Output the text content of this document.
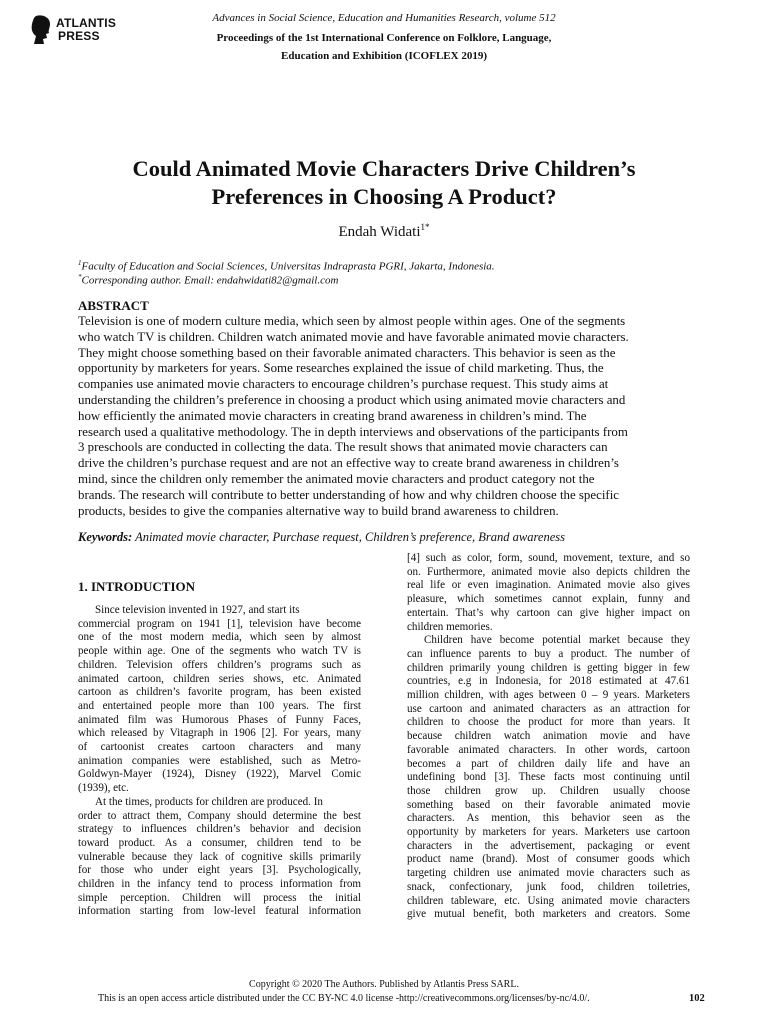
ATLANTIS
PRESS
Advances in Social Science, Education and Humanities Research, volume 512
Proceedings of the 1st International Conference on Folklore, Language,
Education and Exhibition (ICOFLEX 2019)
Could Animated Movie Characters Drive Children’s
Preferences in Choosing A Product?
Endah Widati$^{1*}$
$^1$Faculty of Education and Social Sciences, Universitas Indraprasta PGRI, Jakarta, Indonesia.
*Corresponding author. Email: endahwidati82@gmail.com
ABSTRACT
Television is one of modern culture media, which seen by almost people within ages. One of the segments
who watch TV is children. Children watch animated movie and have favorable animated movie characters.
They might choose something based on their favorable animated characters. This behavior is seen as the
opportunity by marketers for years. Some researches explained the issue of child marketing. Thus, the
companies use animated movie characters to encourage children’s purchase request. This study aims at
understanding the children’s preference in choosing a product which using animated movie characters and
how efficiently the animated movie characters in creating brand awareness in children’s mind. The
research used a qualitative methodology. The in depth interviews and observations of the participants from
3 preschools are conducted in collecting the data. The result shows that animated movie characters can
drive the children’s purchase request and are not an effective way to create brand awareness in children’s
mind, since the children only remember the animated movie characters and product category not the
brands. The research will contribute to better understanding of how and why children choose the specific
products, besides to give the companies alternative way to build brand awareness to children.
Keywords: Animated movie character, Purchase request, Children’s preference, Brand awareness
1. INTRODUCTION
Since television invented in 1927, and start its
commercial program on 1941 [1], television have become
one of the most modern media, which seen by almost
people within age. One of the segments who watch TV is
children. Television offers children’s programs such as
animated cartoon, children series shows, etc. Animated
cartoon as children’s favorite program, has been existed
and entertained people more than 100 years. The first
animated film was Humorous Phases of Funny Faces,
which released by Vitagraph in 1906 [2]. For years, many
of cartoonist creates cartoon characters and many
animation companies were established, such as Metro-
Goldwyn-Mayer (1924), Disney (1922), Marvel Comic
(1939), etc.
At the times, products for children are produced. In
order to attract them, Company should determine the best
strategy to influences children’s behavior and decision
toward product. As a consumer, children tend to be
vulnerable because they lack of cognitive skills primarily
for those who under eight years [3]. Psychologically,
children in the infancy tend to process information from
simple perception. Children will process the initial
information starting from low-level featural information
[4] such as color, form, sound, movement, texture, and so
on. Furthermore, animated movie also depicts children the
real life or even imagination. Animated movie also gives
pleasure, which sometimes cannot explain, funny and
entertain. That’s why cartoon can give higher impact on
children memories.
Children have become potential market because they
can influence parents to buy a product. The number of
children primarily young children is getting bigger in few
countries, e.g in Indonesia, for 2018 estimated at 47.61
million children, with ages between 0 – 9 years. Marketers
use cartoon and animated characters as an attraction for
children to choose the product for more than years. It
because children watch animation movie and have
favorable animated characters. In other words, cartoon
becomes a part of children daily life and have an
undefining bond [3]. These facts most continuing until
those children grow up. Children usually choose
something based on their favorable animated movie
characters. As mention, this behavior seen as the
opportunity by marketers for years. Marketers use cartoon
characters in the advertisement, packaging or event
product name (brand). Most of consumer goods which
targeting children use animated movie characters such as
snack, confectionary, junk food, children toiletries,
children tableware, etc. Using animated movie characters
give mutual benefit, both marketers and creators. Some
Copyright © 2020 The Authors. Published by Atlantis Press SARL.
This is an open access article distributed under the CC BY-NC 4.0 license -http://creativecommons.org/licenses/by-nc/4.0/.	102
